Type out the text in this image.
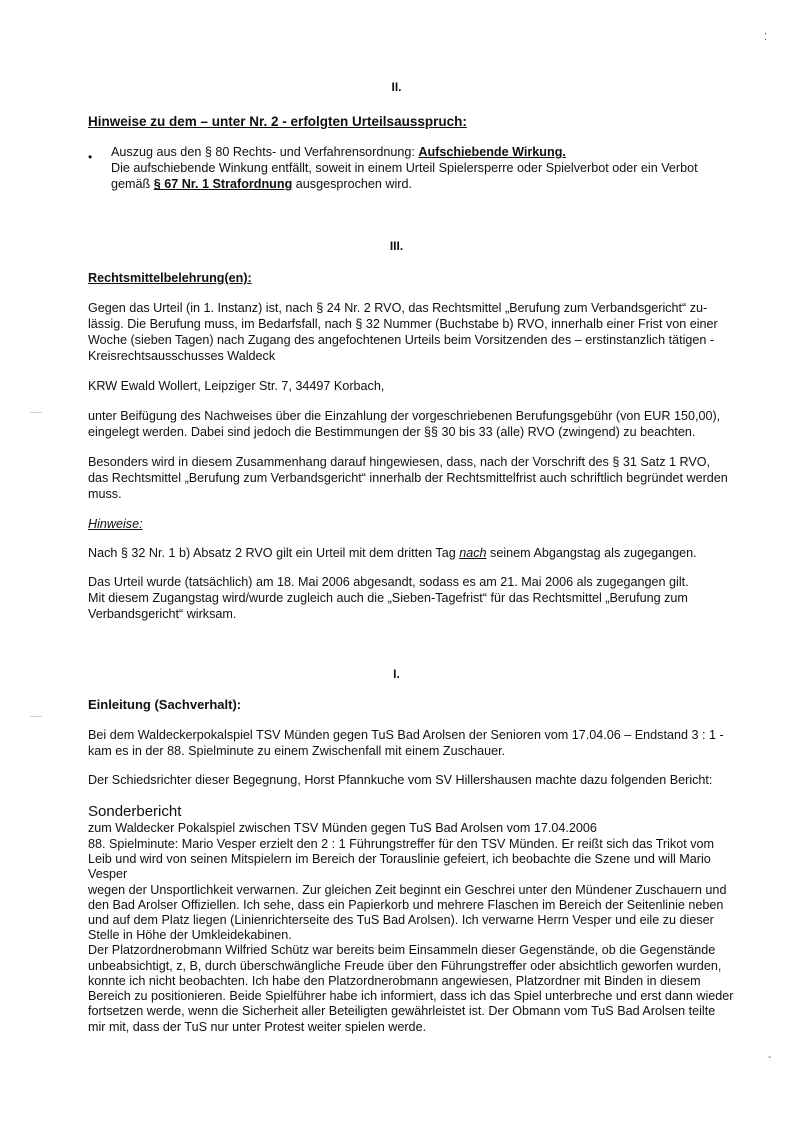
⁚
II.
Hinweise zu dem – unter Nr. 2 - erfolgten Urteilsausspruch:
• Auszug aus den § 80 Rechts- und Verfahrensordnung: Aufschiebende Wirkung.
Die aufschiebende Winkung entfällt, soweit in einem Urteil Spielersperre oder Spielverbot oder ein Verbot
gemäß § 67 Nr. 1 Strafordnung ausgesprochen wird.
III.
Rechtsmittelbelehrung(en):
Gegen das Urteil (in 1. Instanz) ist, nach § 24 Nr. 2 RVO, das Rechtsmittel „Berufung zum Verbandsgericht“ zu-
lässig. Die Berufung muss, im Bedarfsfall, nach § 32 Nummer (Buchstabe b) RVO, innerhalb einer Frist von einer
Woche (sieben Tagen) nach Zugang des angefochtenen Urteils beim Vorsitzenden des – erstinstanzlich tätigen -
Kreisrechtsausschusses Waldeck
KRW Ewald Wollert, Leipziger Str. 7, 34497 Korbach,
unter Beifügung des Nachweises über die Einzahlung der vorgeschriebenen Berufungsgebühr (von EUR 150,00),
eingelegt werden. Dabei sind jedoch die Bestimmungen der §§ 30 bis 33 (alle) RVO (zwingend) zu beachten.
Besonders wird in diesem Zusammenhang darauf hingewiesen, dass, nach der Vorschrift des § 31 Satz 1 RVO,
das Rechtsmittel „Berufung zum Verbandsgericht“ innerhalb der Rechtsmittelfrist auch schriftlich begründet werden
muss.
Hinweise:
Nach § 32 Nr. 1 b) Absatz 2 RVO gilt ein Urteil mit dem dritten Tag nach seinem Abgangstag als zugegangen.
Das Urteil wurde (tatsächlich) am 18. Mai 2006 abgesandt, sodass es am 21. Mai 2006 als zugegangen gilt.
Mit diesem Zugangstag wird/wurde zugleich auch die „Sieben-Tagefrist“ für das Rechtsmittel „Berufung zum
Verbandsgericht“ wirksam.
I.
Einleitung (Sachverhalt):
Bei dem Waldeckerpokalspiel TSV Münden gegen TuS Bad Arolsen der Senioren vom 17.04.06 – Endstand 3 : 1 -
kam es in der 88. Spielminute zu einem Zwischenfall mit einem Zuschauer.
Der Schiedsrichter dieser Begegnung, Horst Pfannkuche vom SV Hillershausen machte dazu folgenden Bericht:
Sonderbericht
zum Waldecker Pokalspiel zwischen TSV Münden gegen TuS Bad Arolsen vom 17.04.2006
88. Spielminute: Mario Vesper erzielt den 2 : 1 Führungstreffer für den TSV Münden. Er reißt sich das Trikot vom
Leib und wird von seinen Mitspielern im Bereich der Torauslinie gefeiert, ich beobachte die Szene und will Mario
Vesper
wegen der Unsportlichkeit verwarnen. Zur gleichen Zeit beginnt ein Geschrei unter den Mündener Zuschauern und
den Bad Arolser Offiziellen. Ich sehe, dass ein Papierkorb und mehrere Flaschen im Bereich der Seitenlinie neben
und auf dem Platz liegen (Linienrichterseite des TuS Bad Arolsen). Ich verwarne Herrn Vesper und eile zu dieser
Stelle in Höhe der Umkleidekabinen.
Der Platzordnerobmann Wilfried Schütz war bereits beim Einsammeln dieser Gegenstände, ob die Gegenstände
unbeabsichtigt, z, B, durch überschwängliche Freude über den Führungstreffer oder absichtlich geworfen wurden,
konnte ich nicht beobachten. Ich habe den Platzordnerobmann angewiesen, Platzordner mit Binden in diesem
Bereich zu positionieren. Beide Spielführer habe ich informiert, dass ich das Spiel unterbreche und erst dann wieder
fortsetzen werde, wenn die Sicherheit aller Beteiligten gewährleistet ist. Der Obmann vom TuS Bad Arolsen teilte
mir mit, dass der TuS nur unter Protest weiter spielen werde.
‐
